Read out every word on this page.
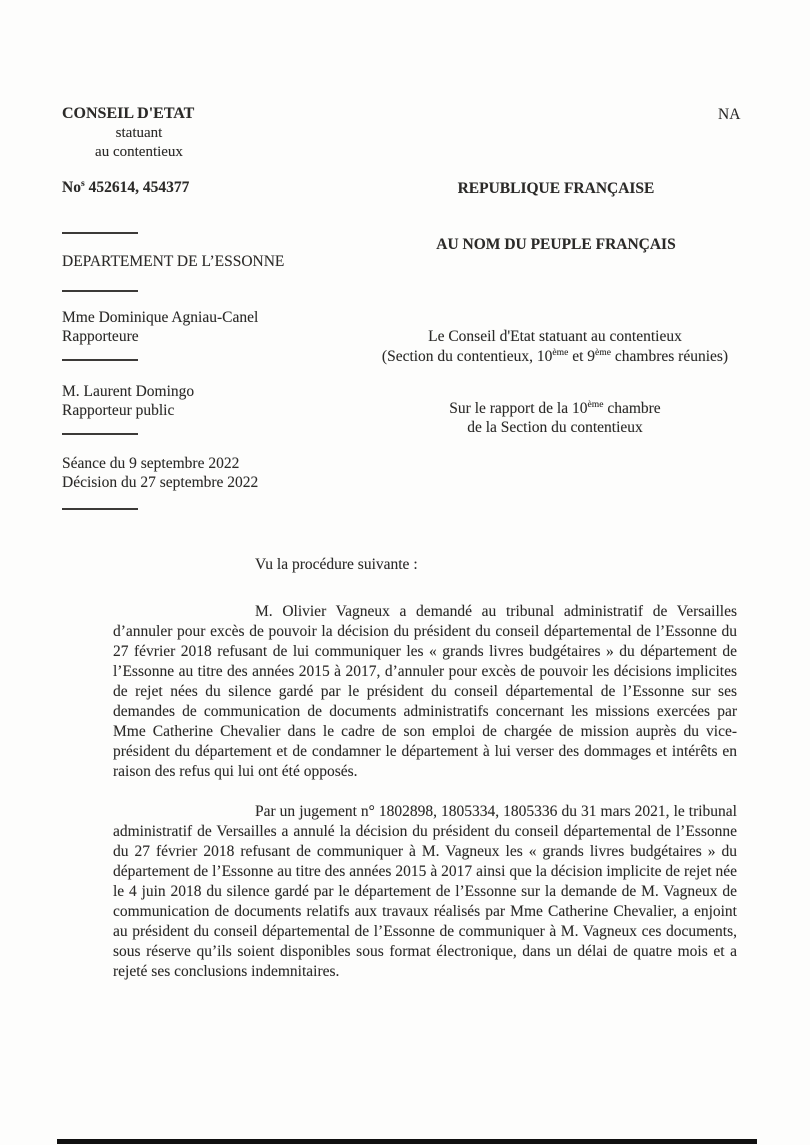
CONSEIL D'ETAT
statuant
au contentieux
NA
No$^s$ 452614, 454377	REPUBLIQUE FRANÇAISE
AU NOM DU PEUPLE FRANÇAIS
DEPARTEMENT DE L’ESSONNE
Mme Dominique Agniau-Canel
Rapporteure	Le Conseil d'Etat statuant au contentieux
(Section du contentieux, 10ème et 9ème chambres réunies)
M. Laurent Domingo
Rapporteur public	Sur le rapport de la 10ème chambre
de la Section du contentieux
Séance du 9 septembre 2022
Décision du 27 septembre 2022

Vu la procédure suivante :

M. Olivier Vagneux a demandé au tribunal administratif de Versailles d’annuler pour excès de pouvoir la décision du président du conseil départemental de l’Essonne du 27 février 2018 refusant de lui communiquer les « grands livres budgétaires » du département de l’Essonne au titre des années 2015 à 2017, d’annuler pour excès de pouvoir les décisions implicites de rejet nées du silence gardé par le président du conseil départemental de l’Essonne sur ses demandes de communication de documents administratifs concernant les missions exercées par Mme Catherine Chevalier dans le cadre de son emploi de chargée de mission auprès du vice-président du département et de condamner le département à lui verser des dommages et intérêts en raison des refus qui lui ont été opposés.

Par un jugement n° 1802898, 1805334, 1805336 du 31 mars 2021, le tribunal administratif de Versailles a annulé la décision du président du conseil départemental de l’Essonne du 27 février 2018 refusant de communiquer à M. Vagneux les « grands livres budgétaires » du département de l’Essonne au titre des années 2015 à 2017 ainsi que la décision implicite de rejet née le 4 juin 2018 du silence gardé par le département de l’Essonne sur la demande de M. Vagneux de communication de documents relatifs aux travaux réalisés par Mme Catherine Chevalier, a enjoint au président du conseil départemental de l’Essonne de communiquer à M. Vagneux ces documents, sous réserve qu’ils soient disponibles sous format électronique, dans un délai de quatre mois et a rejeté ses conclusions indemnitaires.
